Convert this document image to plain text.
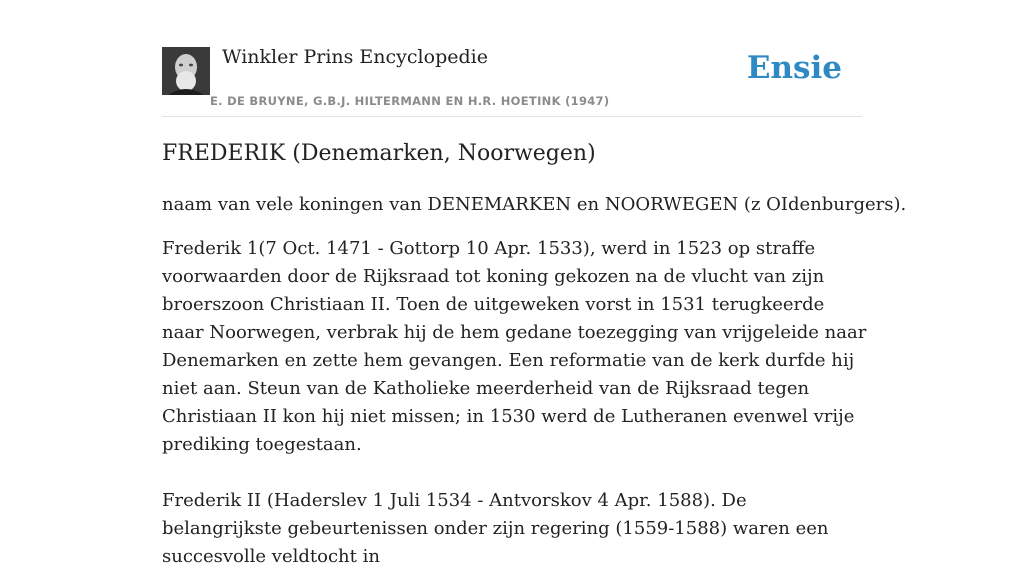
Winkler Prins Encyclopedie
E. DE BRUYNE, G.B.J. HILTERMANN EN H.R. HOETINK (1947)
Ensie
FREDERIK (Denemarken, Noorwegen)

naam van vele koningen van DENEMARKEN en NOORWEGEN (z OIdenburgers).

Frederik 1(7 Oct. 1471 - Gottorp 10 Apr. 1533), werd in 1523 op straffe voorwaarden door de Rijksraad tot koning gekozen na de vlucht van zijn broerszoon Christiaan II. Toen de uitgeweken vorst in 1531 terugkeerde naar Noorwegen, verbrak hij de hem gedane toezegging van vrijgeleide naar Denemarken en zette hem gevangen. Een reformatie van de kerk durfde hij niet aan. Steun van de Katholieke meerderheid van de Rijksraad tegen Christiaan II kon hij niet missen; in 1530 werd de Lutheranen evenwel vrije prediking toegestaan.

Frederik II (Haderslev 1 Juli 1534 - Antvorskov 4 Apr. 1588). De belangrijkste gebeurtenissen onder zijn regering (1559-1588) waren een succesvolle veldtocht in
